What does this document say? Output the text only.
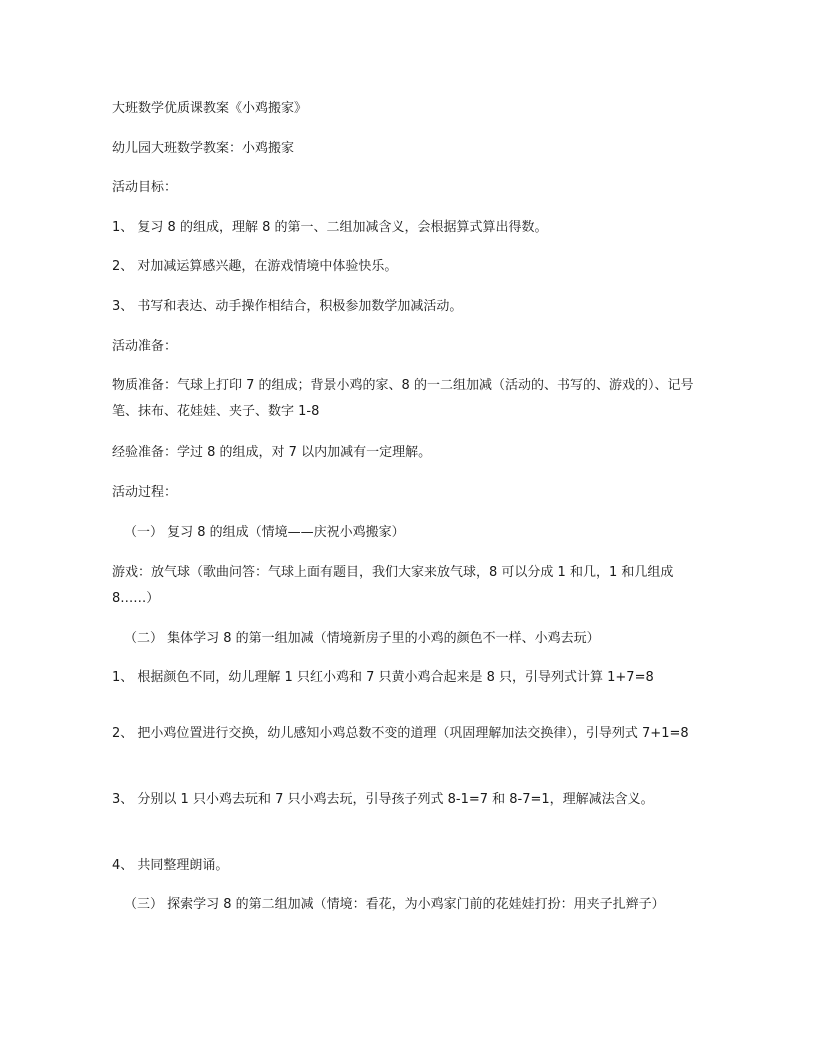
大班数学优质课教案《小鸡搬家》
幼儿园大班数学教案：小鸡搬家
活动目标：
1、 复习 8 的组成，理解 8 的第一、二组加减含义，会根据算式算出得数。
2、 对加减运算感兴趣，在游戏情境中体验快乐。
3、 书写和表达、动手操作相结合，积极参加数学加减活动。
活动准备：
物质准备：气球上打印 7 的组成；背景小鸡的家、8 的一二组加减（活动的、书写的、游戏的）、记号笔、抹布、花娃娃、夹子、数字 1-8
经验准备：学过 8 的组成，对 7 以内加减有一定理解。
活动过程：
（一） 复习 8 的组成（情境——庆祝小鸡搬家）
游戏：放气球（歌曲问答：气球上面有题目，我们大家来放气球，8 可以分成 1 和几，1 和几组成 8……）
（二） 集体学习 8 的第一组加减（情境新房子里的小鸡的颜色不一样、小鸡去玩）
1、 根据颜色不同，幼儿理解 1 只红小鸡和 7 只黄小鸡合起来是 8 只，引导列式计算 1+7=8
2、 把小鸡位置进行交换，幼儿感知小鸡总数不变的道理（巩固理解加法交换律），引导列式 7+1=8
3、 分别以 1 只小鸡去玩和 7 只小鸡去玩，引导孩子列式 8-1=7 和 8-7=1，理解减法含义。
4、 共同整理朗诵。
（三） 探索学习 8 的第二组加减（情境：看花，为小鸡家门前的花娃娃打扮：用夹子扎辫子）
